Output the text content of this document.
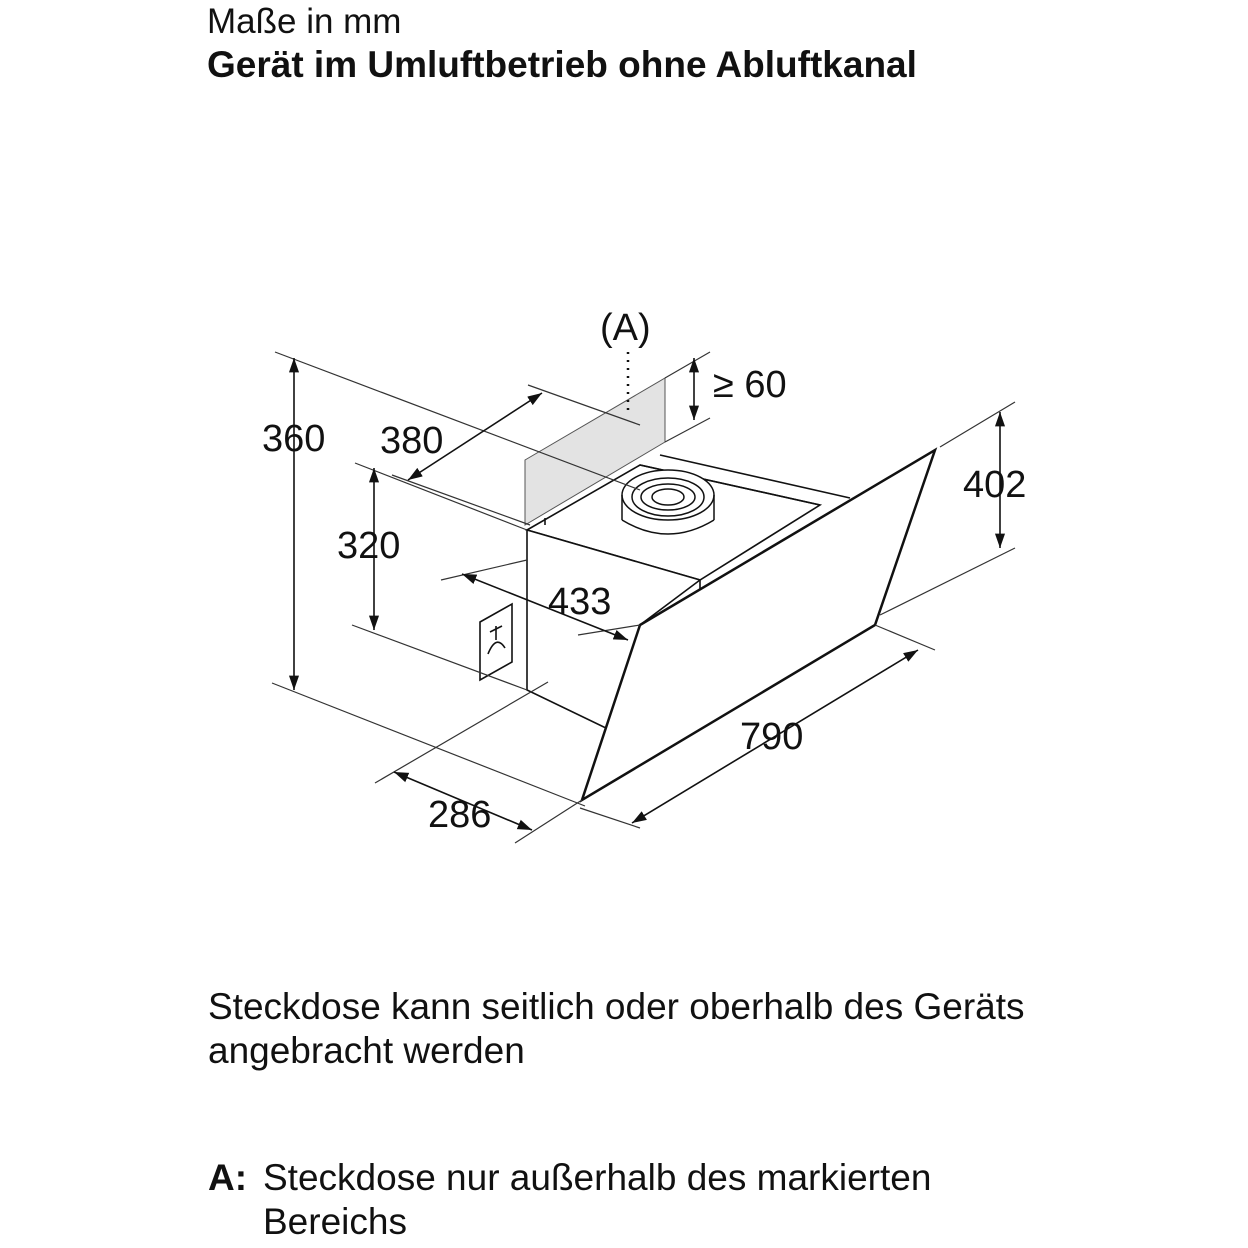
Maße in mm
Gerät im Umluftbetrieb ohne Abluftkanal
(A)
360 380
320
433
≥ 60
402
790
286
Steckdose kann seitlich oder oberhalb des Geräts angebracht werden
A: Steckdose nur außerhalb des markierten Bereichs
